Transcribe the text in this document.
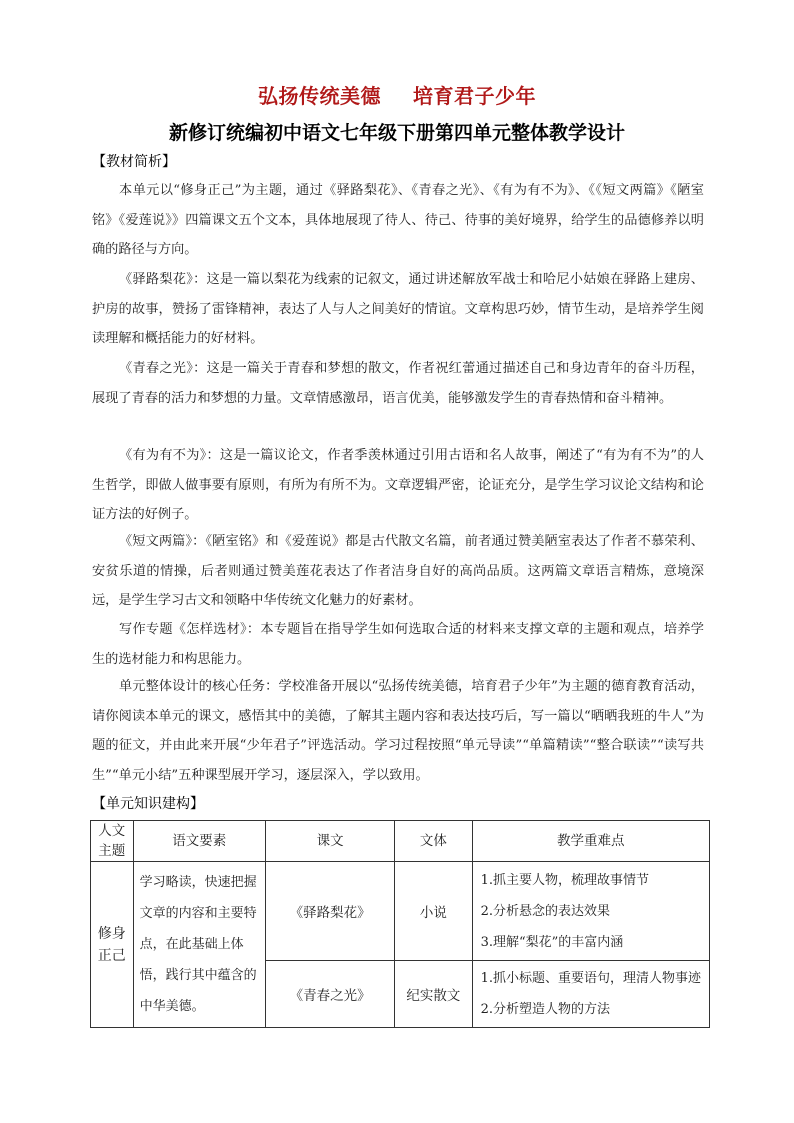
弘扬传统美德 培育君子少年
新修订统编初中语文七年级下册第四单元整体教学设计
【教材简析】

本单元以“修身正己”为主题，通过《驿路梨花》、《青春之光》、《有为有不为》、《《短文两篇》《陋室铭》《爱莲说》》四篇课文五个文本，具体地展现了待人、待己、待事的美好境界，给学生的品德修养以明确的路径与方向。

《驿路梨花》：这是一篇以梨花为线索的记叙文，通过讲述解放军战士和哈尼小姑娘在驿路上建房、护房的故事，赞扬了雷锋精神，表达了人与人之间美好的情谊。文章构思巧妙，情节生动，是培养学生阅读理解和概括能力的好材料。

《青春之光》：这是一篇关于青春和梦想的散文，作者祝红蕾通过描述自己和身边青年的奋斗历程，展现了青春的活力和梦想的力量。文章情感激昂，语言优美，能够激发学生的青春热情和奋斗精神。

《有为有不为》：这是一篇议论文，作者季羡林通过引用古语和名人故事，阐述了“有为有不为”的人生哲学，即做人做事要有原则，有所为有所不为。文章逻辑严密，论证充分，是学生学习议论文结构和论证方法的好例子。

《短文两篇》：《陋室铭》和《爱莲说》都是古代散文名篇，前者通过赞美陋室表达了作者不慕荣利、安贫乐道的情操，后者则通过赞美莲花表达了作者洁身自好的高尚品质。这两篇文章语言精炼，意境深远，是学生学习古文和领略中华传统文化魅力的好素材。

写作专题《怎样选材》：本专题旨在指导学生如何选取合适的材料来支撑文章的主题和观点，培养学生的选材能力和构思能力。

单元整体设计的核心任务：学校准备开展以“弘扬传统美德，培育君子少年”为主题的德育教育活动，请你阅读本单元的课文，感悟其中的美德，了解其主题内容和表达技巧后，写一篇以“晒晒我班的牛人”为题的征文，并由此来开展“少年君子”评选活动。学习过程按照“单元导读”“单篇精读”“整合联读”“读写共生”“单元小结”五种课型展开学习，逐层深入，学以致用。

【单元知识建构】
人文主题	语文要素	课文	文体	教学重难点
修身正己	学习略读，快速把握文章的内容和主要特点，在此基础上体悟，践行其中蕴含的中华美德。	《驿路梨花》	小说	1.抓主要人物，梳理故事情节
2.分析悬念的表达效果
3.理解“梨花”的丰富内涵

		《青春之光》	纪实散文	1.抓小标题、重要语句，理清人物事迹
2.分析塑造人物的方法
